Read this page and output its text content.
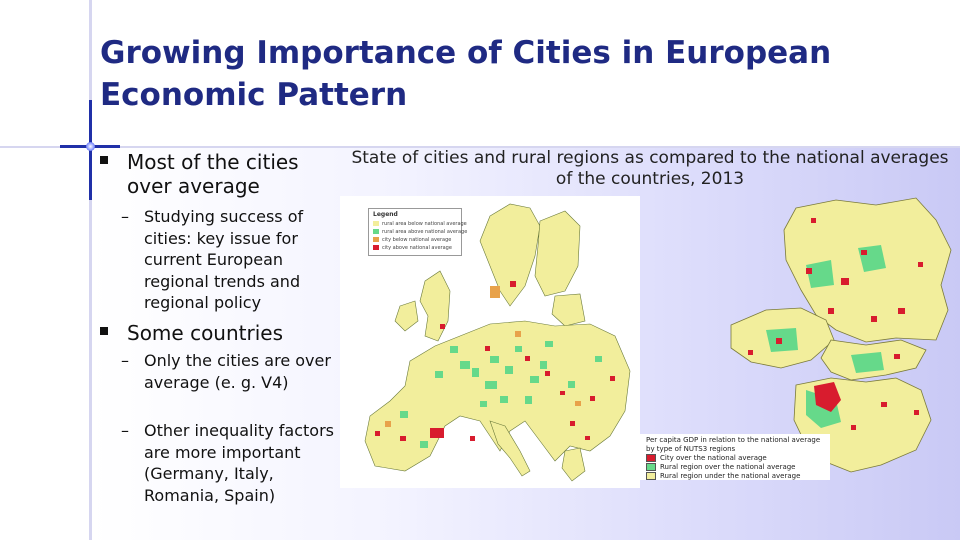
Growing Importance of Cities in European Economic Pattern
Most of the cities over average
– Studying success of cities: key issue for current European regional trends and regional policy
Some countries
– Only the cities are over average (e. g. V4)
– Other inequality factors are more important (Germany, Italy, Romania, Spain)
State of cities and rural regions as compared to the national averages of the countries, 2013
Legend
rural area below national average
rural area above national average
city below national average
city above national average
Per capita GDP in relation to the national average by type of NUTS3 regions
City over the national average
Rural region over the national average
Rural region under the national average
